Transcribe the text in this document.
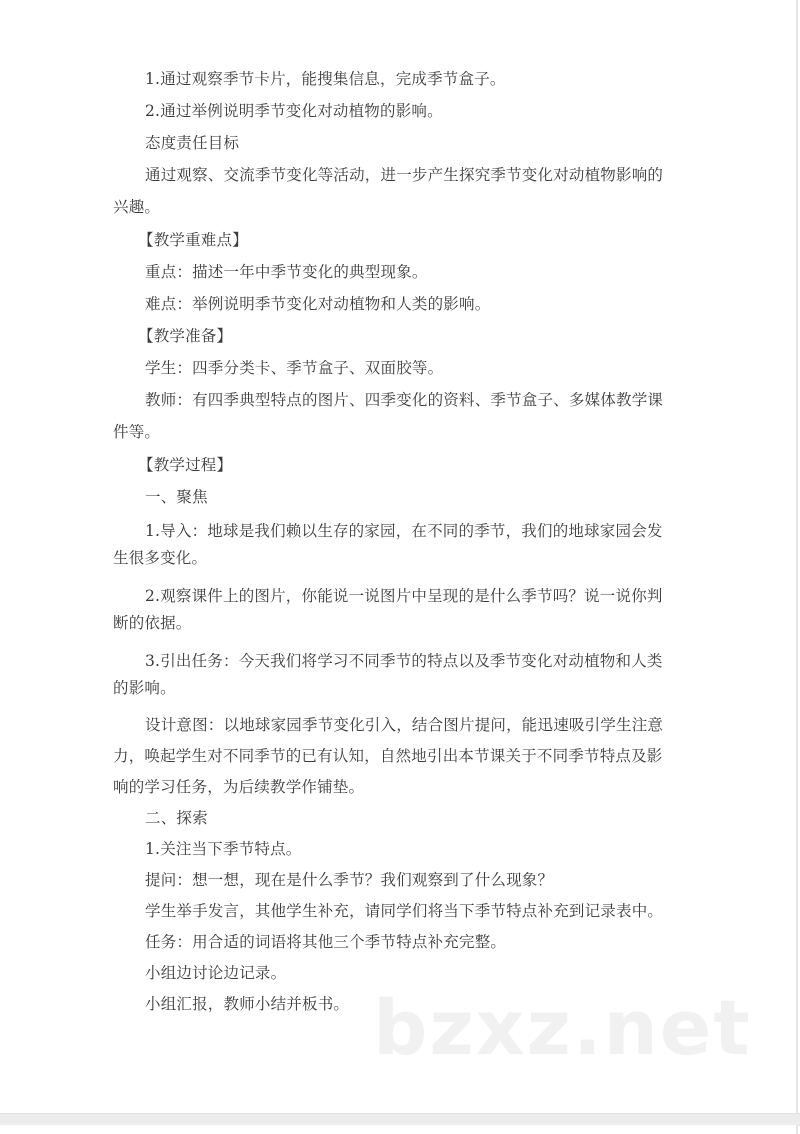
1.通过观察季节卡片，能搜集信息，完成季节盒子。
2.通过举例说明季节变化对动植物的影响。
态度责任目标
通过观察、交流季节变化等活动，进一步产生探究季节变化对动植物影响的
兴趣。
【教学重难点】
重点：描述一年中季节变化的典型现象。
难点：举例说明季节变化对动植物和人类的影响。
【教学准备】
学生：四季分类卡、季节盒子、双面胶等。
教师：有四季典型特点的图片、四季变化的资料、季节盒子、多媒体教学课
件等。
【教学过程】
一、聚焦
1.导入：地球是我们赖以生存的家园，在不同的季节，我们的地球家园会发
生很多变化。
2.观察课件上的图片，你能说一说图片中呈现的是什么季节吗？说一说你判
断的依据。
3.引出任务：今天我们将学习不同季节的特点以及季节变化对动植物和人类
的影响。
设计意图：以地球家园季节变化引入，结合图片提问，能迅速吸引学生注意
力，唤起学生对不同季节的已有认知，自然地引出本节课关于不同季节特点及影
响的学习任务，为后续教学作铺垫。
二、探索
1.关注当下季节特点。
提问：想一想，现在是什么季节？我们观察到了什么现象？
学生举手发言，其他学生补充，请同学们将当下季节特点补充到记录表中。
任务：用合适的词语将其他三个季节特点补充完整。
小组边讨论边记录。
小组汇报，教师小结并板书。 bzxz.net
